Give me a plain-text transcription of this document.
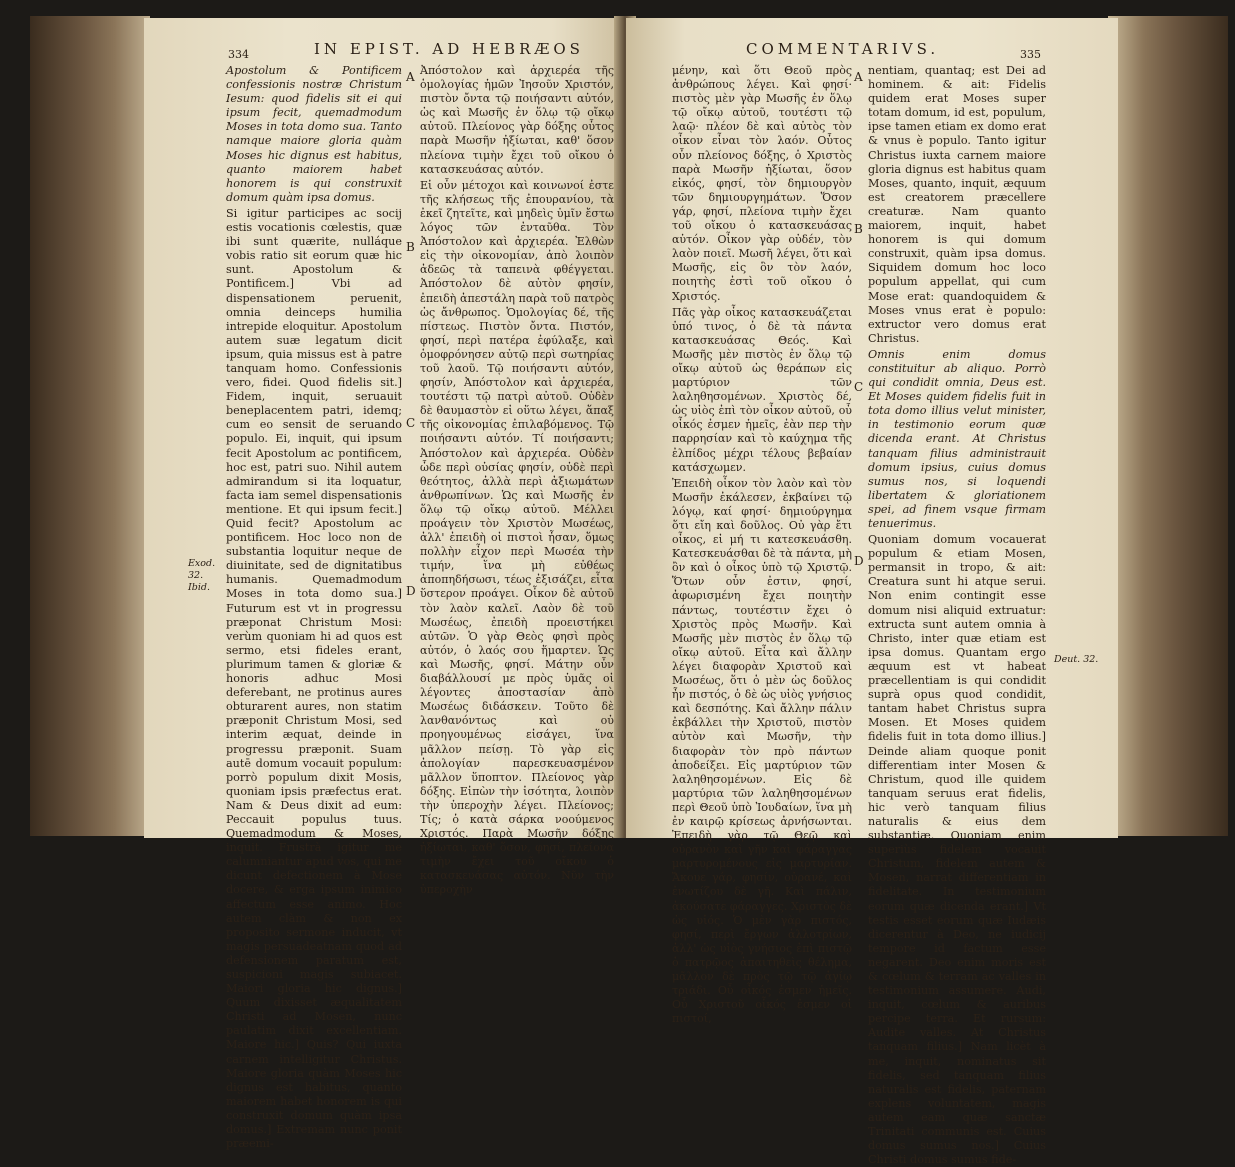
334	IN EPIST. AD HEBRÆOS

Apostolum & Pontificem confessionis nostræ Christum Iesum: quod fidelis sit ei qui ipsum fecit, quemadmodum Moses in tota domo sua. Tanto namque maiore gloria quàm Moses hic dignus est habitus, quanto maiorem habet honorem is qui construxit domum quàm ipsa domus.

Si igitur participes ac socij estis vocationis cœlestis, quæ ibi sunt quærite, nulláque vobis ratio sit eorum quæ hic sunt. Apostolum & Pontificem.] Vbi ad dispensationem peruenit, omnia deinceps humilia intrepide eloquitur. Apostolum autem suæ legatum dicit ipsum, quia missus est à patre tanquam homo. Confessionis vero, fidei. Quod fidelis sit.] Fidem, inquit, seruauit beneplacentem patri, idemq; cum eo sensit de seruando populo. Ei, inquit, qui ipsum fecit Apostolum ac pontificem, hoc est, patri suo. Nihil autem admirandum si ita loquatur, facta iam semel dispensationis mentione. Et qui ipsum fecit.] Quid fecit? Apostolum ac pontificem. Hoc loco non de substantia loquitur neque de diuinitate, sed de dignitatibus humanis. Quemadmodum Moses in tota domo sua.] Futurum est vt in progressu præponat Christum Mosi: verùm quoniam hi ad quos est sermo, etsi fideles erant, plurimum tamen & gloriæ & honoris adhuc Mosi deferebant, ne protinus aures obturarent aures, non statim præponit Christum Mosi, sed interim æquat, deinde in progressu præponit. Suam autē domum vocauit populum: porrò populum dixit Mosis, quoniam ipsis præfectus erat. Nam & Deus dixit ad eum: Peccauit populus tuus. Quemadmodum & Moses, inquit. Frustrà igitur me calumniantur apud vos, qui me dicunt defectionem à Mose docere, & erga ipsum inimico affectum esse animo. Hoc autem clàm & non ex proposito sermone inducit, vt magis persuadeatnam quod ad defensionem paratum est, suspicioni magis subiacet. Maiori gloria hic dignus.] Quum dixisset æqualitatem Christi ad Mosen, nunc paulatim dixit excellentiam. Maiore hic.] Quis? Qui iuxta carnem intelligitur Christus. Maiore gloria quàm Moses hic dignus est habitus, quanto maiorem habet honorem is qui construxit domum quàm ipsa domus.] Extremam nunc ponit præemi-

A
B
C
D

Ἀπόστολον καὶ ἀρχιερέα τῆς ὁμολογίας ἡμῶν Ἰησοῦν Χριστόν, πιστὸν ὄντα τῷ ποιήσαντι αὐτόν, ὡς καὶ Μωσῆς ἐν ὅλῳ τῷ οἴκῳ αὐτοῦ. Πλείονος γὰρ δόξης οὗτος παρὰ Μωσῆν ἠξίωται, καθ' ὅσον πλείονα τιμὴν ἔχει τοῦ οἴκου ὁ κατασκευάσας αὐτόν.

Εἰ οὖν μέτοχοι καὶ κοινωνοί ἐστε τῆς κλήσεως τῆς ἐπουρανίου, τὰ ἐκεῖ ζητεῖτε, καὶ μηδεὶς ὑμῖν ἔστω λόγος τῶν ἐνταῦθα. Τὸν Ἀπόστολον καὶ ἀρχιερέα. Ἐλθὼν εἰς τὴν οἰκονομίαν, ἀπὸ λοιπὸν ἀδεῶς τὰ ταπεινὰ φθέγγεται. Ἀπόστολον δὲ αὐτὸν φησίν, ἐπειδὴ ἀπεστάλη παρὰ τοῦ πατρὸς ὡς ἄνθρωπος. Ὁμολογίας δέ, τῆς πίστεως. Πιστὸν ὄντα. Πιστόν, φησί, περὶ πατέρα ἐφύλαξε, καὶ ὁμοφρόνησεν αὐτῷ περὶ σωτηρίας τοῦ λαοῦ. Τῷ ποιήσαντι αὐτόν, φησίν, Ἀπόστολον καὶ ἀρχιερέα, τουτέστι τῷ πατρὶ αὐτοῦ. Οὐδὲν δὲ θαυμαστὸν εἰ οὕτω λέγει, ἅπαξ τῆς οἰκονομίας ἐπιλαβόμενος. Τῷ ποιήσαντι αὐτόν. Τί ποιήσαντι; Ἀπόστολον καὶ ἀρχιερέα. Οὐδὲν ὧδε περὶ οὐσίας φησίν, οὐδὲ περὶ θεότητος, ἀλλὰ περὶ ἀξιωμάτων ἀνθρωπίνων. Ὡς καὶ Μωσῆς ἐν ὅλῳ τῷ οἴκῳ αὐτοῦ. Μέλλει προάγειν τὸν Χριστὸν Μωσέως, ἀλλ' ἐπειδὴ οἱ πιστοὶ ἦσαν, ὅμως πολλὴν εἶχον περὶ Μωσέα τὴν τιμήν, ἵνα μὴ εὐθέως ἀποπηδήσωσι, τέως ἐξισάζει, εἶτα ὕστερον προάγει. Οἶκον δὲ αὐτοῦ τὸν λαὸν καλεῖ. Λαὸν δὲ τοῦ Μωσέως, ἐπειδὴ προειστήκει αὐτῶν. Ὁ γὰρ Θεὸς φησὶ πρὸς αὐτόν, ὁ λαός σου ἥμαρτεν. Ὡς καὶ Μωσῆς, φησί. Μάτην οὖν διαβάλλουσί με πρὸς ὑμᾶς οἱ λέγοντες ἀποστασίαν ἀπὸ Μωσέως διδάσκειν. Τοῦτο δὲ λανθανόντως καὶ οὐ προηγουμένως εἰσάγει, ἵνα μᾶλλον πείσῃ. Τὸ γὰρ εἰς ἀπολογίαν παρεσκευασμένον μᾶλλον ὕποπτον. Πλείονος γὰρ δόξης. Εἰπὼν τὴν ἰσότητα, λοιπὸν τὴν ὑπεροχὴν λέγει. Πλείονος; Τίς; ὁ κατὰ σάρκα νοούμενος Χριστός. Παρὰ Μωσῆν δόξης ἠξίωται, καθ' ὅσον, φησί, πλείονα τιμὴν ἔχει τοῦ οἴκου ὁ κατασκευάσας αὐτόν. Νῦν τὴν ὑπεροχὴν

Exod. 32. Ibid.
COMMENTARIVS.	335

μένην, καὶ ὅτι Θεοῦ πρὸς ἀνθρώπους λέγει. Καὶ φησί· πιστὸς μὲν γὰρ Μωσῆς ἐν ὅλῳ τῷ οἴκῳ αὐτοῦ, τουτέστι τῷ λαῷ· πλέον δὲ καὶ αὐτὸς τὸν οἶκον εἶναι τὸν λαόν. Οὗτος οὖν πλείονος δόξης, ὁ Χριστὸς παρὰ Μωσῆν ἠξίωται, ὅσον εἰκός, φησί, τὸν δημιουργὸν τῶν δημιουργημάτων. Ὅσον γάρ, φησί, πλείονα τιμὴν ἔχει τοῦ οἴκου ὁ κατασκευάσας αὐτόν. Οἶκον γὰρ οὐδέν, τὸν λαὸν ποιεῖ. Μωσῆ λέγει, ὅτι καὶ Μωσῆς, εἰς ὃν τὸν λαόν, ποιητὴς ἐστὶ τοῦ οἴκου ὁ Χριστός.

Πᾶς γὰρ οἶκος κατασκευάζεται ὑπό τινος, ὁ δὲ τὰ πάντα κατασκευάσας Θεός. Καὶ Μωσῆς μὲν πιστὸς ἐν ὅλῳ τῷ οἴκῳ αὐτοῦ ὡς θεράπων εἰς μαρτύριον τῶν λαληθησομένων. Χριστὸς δέ, ὡς υἱὸς ἐπὶ τὸν οἶκον αὐτοῦ, οὗ οἶκός ἐσμεν ἡμεῖς, ἐὰν περ τὴν παρρησίαν καὶ τὸ καύχημα τῆς ἐλπίδος μέχρι τέλους βεβαίαν κατάσχωμεν.

Ἐπειδὴ οἶκον τὸν λαὸν καὶ τὸν Μωσῆν ἐκάλεσεν, ἐκβαίνει τῷ λόγῳ, καί φησί· δημιούργημα ὅτι εἴη καὶ δοῦλος. Οὐ γὰρ ἔτι οἶκος, εἰ μή τι κατεσκευάσθη. Κατεσκευάσθαι δὲ τὰ πάντα, μὴ ὂν καὶ ὁ οἶκος ὑπὸ τῷ Χριστῷ. Ὅτων οὖν ἐστιν, φησί, ἀφωρισμένη ἔχει ποιητὴν πάντως, τουτέστιν ἔχει ὁ Χριστὸς πρὸς Μωσῆν. Καὶ Μωσῆς μὲν πιστὸς ἐν ὅλῳ τῷ οἴκῳ αὐτοῦ. Εἶτα καὶ ἄλλην λέγει διαφορὰν Χριστοῦ καὶ Μωσέως, ὅτι ὁ μὲν ὡς δοῦλος ἦν πιστός, ὁ δὲ ὡς υἱὸς γνήσιος καὶ δεσπότης. Καὶ ἄλλην πάλιν ἐκβάλλει τὴν Χριστοῦ, πιστὸν αὐτὸν καὶ Μωσῆν, τὴν διαφορὰν τὸν πρὸ πάντων ἀποδείξει. Εἰς μαρτύριον τῶν λαληθησομένων. Εἰς δὲ μαρτύρια τῶν λαληθησομένων περὶ Θεοῦ ὑπὸ Ἰουδαίων, ἵνα μὴ ἐν καιρῷ κρίσεως ἀρνήσωνται. Ἐπειδὴ γὰρ τῷ Θεῷ καὶ οὐρανὸν καὶ γῆν καὶ φάραγγας μαρτυρομένους εἰς μαρτυρίαν. Ἄκουε γάρ, φησίν, οὐρανέ, καὶ ἐνωτίζου δὲ γῆ. Καὶ πάλιν, ἀκούσατε φάραγγες. Χριστὸς δὲ ὡς υἱός. Ὁ μὲν γὰρ πιστός, φησί, περὶ ἔργων ἀλλοτρίων, ἀλλ' ὡς υἱὸς γνήσιος ἐπὶ πιστῷ ὁ πατρῷος ἀπαιτηθεὶς θέλημα, μᾶλλον δὲ πρὸς τῷ τῷ ἁγίῳ τριάδι. Οὗ οἶκός ἐσμεν ἡμεῖς. Οὗ Χριστοῦ οἶκός ἐσμεν οἱ πιστοί,

A
B
C
D

nentiam, quantaq; est Dei ad hominem. & ait: Fidelis quidem erat Moses super totam domum, id est, populum, ipse tamen etiam ex domo erat & vnus è populo. Tanto igitur Christus iuxta carnem maiore gloria dignus est habitus quam Moses, quanto, inquit, æquum est creatorem præcellere creaturæ. Nam quanto maiorem, inquit, habet honorem is qui domum construxit, quàm ipsa domus. Siquidem domum hoc loco populum appellat, qui cum Mose erat: quandoquidem & Moses vnus erat è populo: extructor vero domus erat Christus.

Omnis enim domus constituitur ab aliquo. Porrò qui condidit omnia, Deus est. Et Moses quidem fidelis fuit in tota domo illius velut minister, in testimonio eorum quæ dicenda erant. At Christus tanquam filius administrauit domum ipsius, cuius domus sumus nos, si loquendi libertatem & gloriationem spei, ad finem vsque firmam tenuerimus.

Quoniam domum vocauerat populum & etiam Mosen, permansit in tropo, & ait: Creatura sunt hi atque serui. Non enim contingit esse domum nisi aliquid extruatur: extructa sunt autem omnia à Christo, inter quæ etiam est ipsa domus. Quantam ergo æquum est vt habeat præcellentiam is qui condidit suprà opus quod condidit, tantam habet Christus supra Mosen. Et Moses quidem fidelis fuit in tota domo illius.] Deinde aliam quoque ponit differentiam inter Mosen & Christum, quod ille quidem tanquam seruus erat fidelis, hic verò tanquam filius naturalis & eius dem substantiæ. Quoniam enim superiùs fidelem vocauit Christum, fidelem autem & Mosen, narrat differentiam in fidelitate. In testimonium eorum quæ dicenda erant.] Vt testis esset eorum quæ Iudæis dicerentur à Deo, ne iudicij tempore id factum esse negarent. Deo enim moris est & cœlum & terram ac valles in testimonium assumere. Audi, inquit, cœlum & auribus percipe terra. Et rursum: Audite valles. At Christus tanquam filius.] Nam licèt à me, inquit, nominatus sit fidelis, sed tanquam filius naturalis est fidelis, paternam explens voluntatem, magis autem eam quæ sanctæ Trinitati communis est. Cuius domus sumus nos.] Cuius Christi domus sumus fide-

Deut. 32.
